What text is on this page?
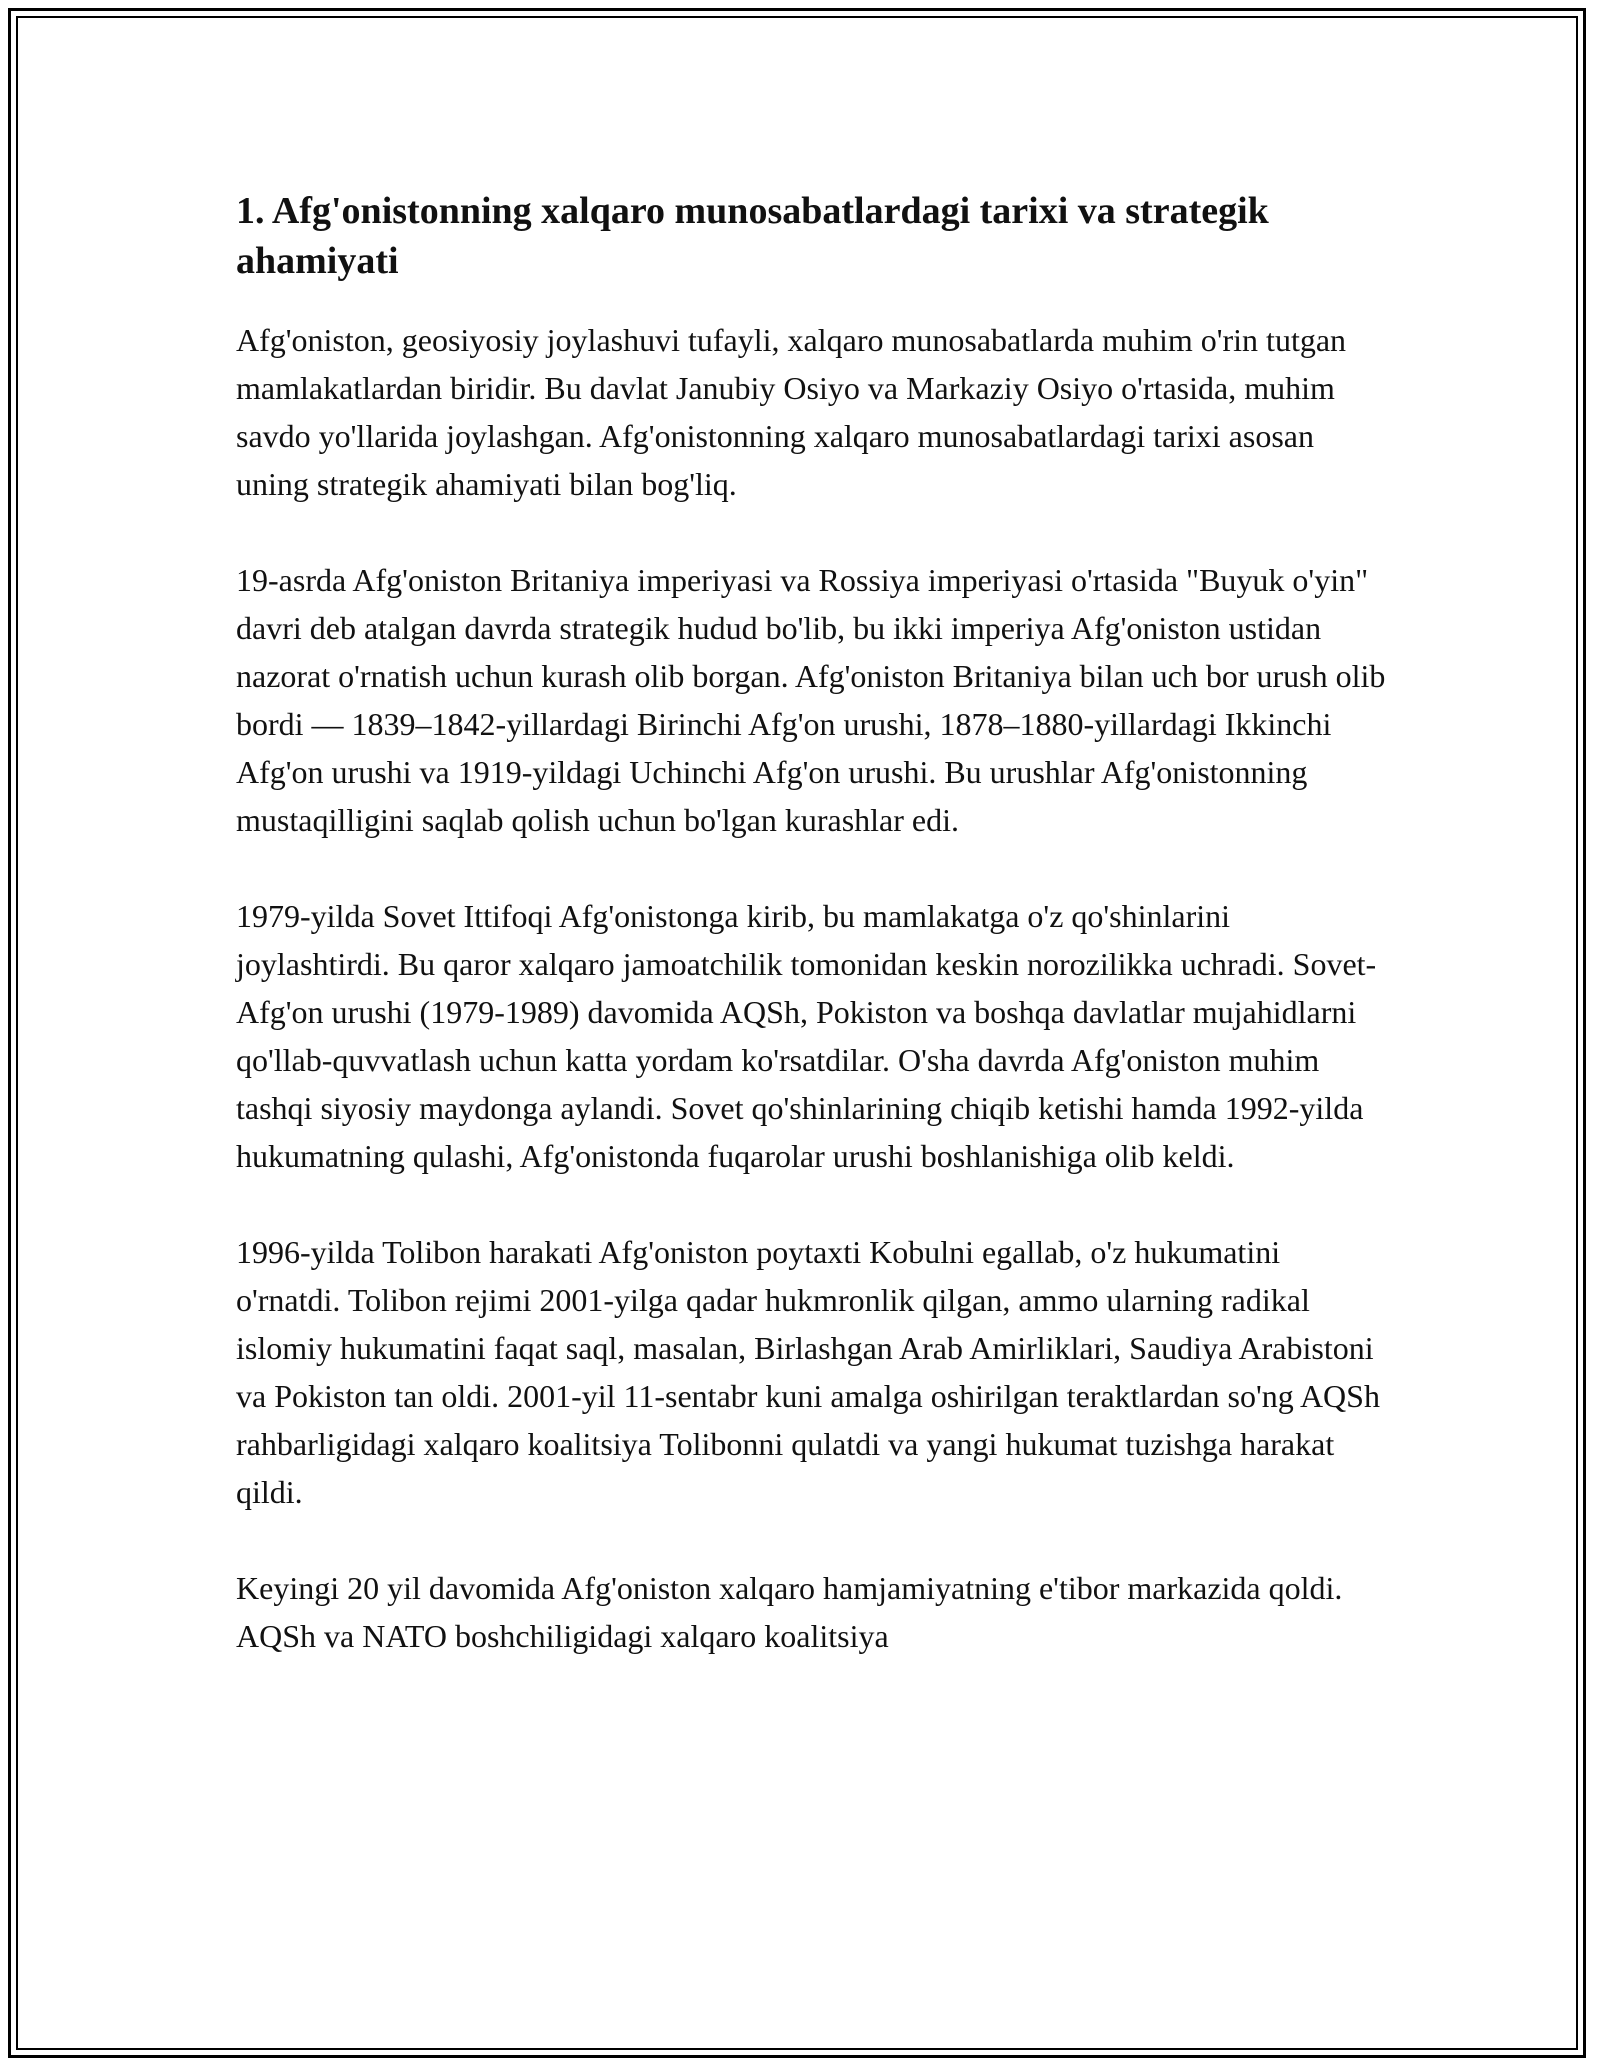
1. Afg'onistonning xalqaro munosabatlardagi tarixi va strategik ahamiyati

Afg'oniston, geosiyosiy joylashuvi tufayli, xalqaro munosabatlarda muhim o'rin tutgan mamlakatlardan biridir. Bu davlat Janubiy Osiyo va Markaziy Osiyo o'rtasida, muhim savdo yo'llarida joylashgan. Afg'onistonning xalqaro munosabatlardagi tarixi asosan uning strategik ahamiyati bilan bog'liq.

19-asrda Afg'oniston Britaniya imperiyasi va Rossiya imperiyasi o'rtasida "Buyuk o'yin" davri deb atalgan davrda strategik hudud bo'lib, bu ikki imperiya Afg'oniston ustidan nazorat o'rnatish uchun kurash olib borgan. Afg'oniston Britaniya bilan uch bor urush olib bordi — 1839–1842-yillardagi Birinchi Afg'on urushi, 1878–1880-yillardagi Ikkinchi Afg'on urushi va 1919-yildagi Uchinchi Afg'on urushi. Bu urushlar Afg'onistonning mustaqilligini saqlab qolish uchun bo'lgan kurashlar edi.

1979-yilda Sovet Ittifoqi Afg'onistonga kirib, bu mamlakatga o'z qo'shinlarini joylashtirdi. Bu qaror xalqaro jamoatchilik tomonidan keskin norozilikka uchradi. Sovet-Afg'on urushi (1979-1989) davomida AQSh, Pokiston va boshqa davlatlar mujahidlarni qo'llab-quvvatlash uchun katta yordam ko'rsatdilar. O'sha davrda Afg'oniston muhim tashqi siyosiy maydonga aylandi. Sovet qo'shinlarining chiqib ketishi hamda 1992-yilda hukumatning qulashi, Afg'onistonda fuqarolar urushi boshlanishiga olib keldi.

1996-yilda Tolibon harakati Afg'oniston poytaxti Kobulni egallab, o'z hukumatini o'rnatdi. Tolibon rejimi 2001-yilga qadar hukmronlik qilgan, ammo ularning radikal islomiy hukumatini faqat saql, masalan, Birlashgan Arab Amirliklari, Saudiya Arabistoni va Pokiston tan oldi. 2001-yil 11-sentabr kuni amalga oshirilgan teraktlardan so'ng AQSh rahbarligidagi xalqaro koalitsiya Tolibonni qulatdi va yangi hukumat tuzishga harakat qildi.

Keyingi 20 yil davomida Afg'oniston xalqaro hamjamiyatning e'tibor markazida qoldi. AQSh va NATO boshchiligidagi xalqaro koalitsiya
